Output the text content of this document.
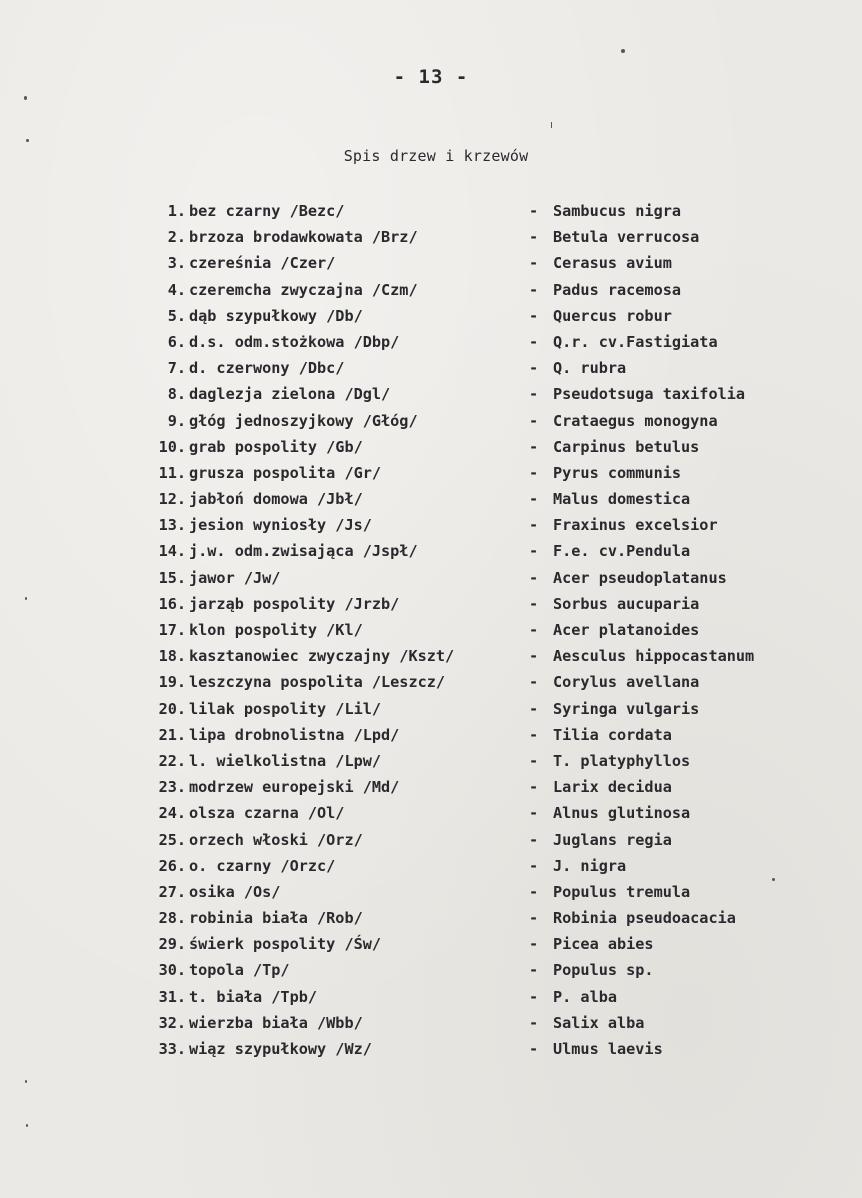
- 13 -
Spis drzew i krzewów
1. bez czarny /Bezc/	- Sambucus nigra
2. brzoza brodawkowata /Brz/	- Betula verrucosa
3. czereśnia /Czer/	- Cerasus avium
4. czeremcha zwyczajna /Czm/	- Padus racemosa
5. dąb szypułkowy /Db/	- Quercus robur
6. d.s. odm.stożkowa /Dbp/	- Q.r. cv.Fastigiata
7. d. czerwony /Dbc/	- Q. rubra
8. daglezja zielona /Dgl/	- Pseudotsuga taxifolia
9. głóg jednoszyjkowy /Głóg/	- Crataegus monogyna
10. grab pospolity /Gb/	- Carpinus betulus
11. grusza pospolita /Gr/	- Pyrus communis
12. jabłoń domowa /Jbł/	- Malus domestica
13. jesion wyniosły /Js/	- Fraxinus excelsior
14. j.w. odm.zwisająca /Jspł/	- F.e. cv.Pendula
15. jawor /Jw/	- Acer pseudoplatanus
16. jarząb pospolity /Jrzb/	- Sorbus aucuparia
17. klon pospolity /Kl/	- Acer platanoides
18. kasztanowiec zwyczajny /Kszt/	- Aesculus hippocastanum
19. leszczyna pospolita /Leszcz/	- Corylus avellana
20. lilak pospolity /Lil/	- Syringa vulgaris
21. lipa drobnolistna /Lpd/	- Tilia cordata
22. l. wielkolistna /Lpw/	- T. platyphyllos
23. modrzew europejski /Md/	- Larix decidua
24. olsza czarna /Ol/	- Alnus glutinosa
25. orzech włoski /Orz/	- Juglans regia
26. o. czarny /Orzc/	- J. nigra
27. osika /Os/	- Populus tremula
28. robinia biała /Rob/	- Robinia pseudoacacia
29. świerk pospolity /Św/	- Picea abies
30. topola /Tp/	- Populus sp.
31. t. biała /Tpb/	- P. alba
32. wierzba biała /Wbb/	- Salix alba
33. wiąz szypułkowy /Wz/	- Ulmus laevis
